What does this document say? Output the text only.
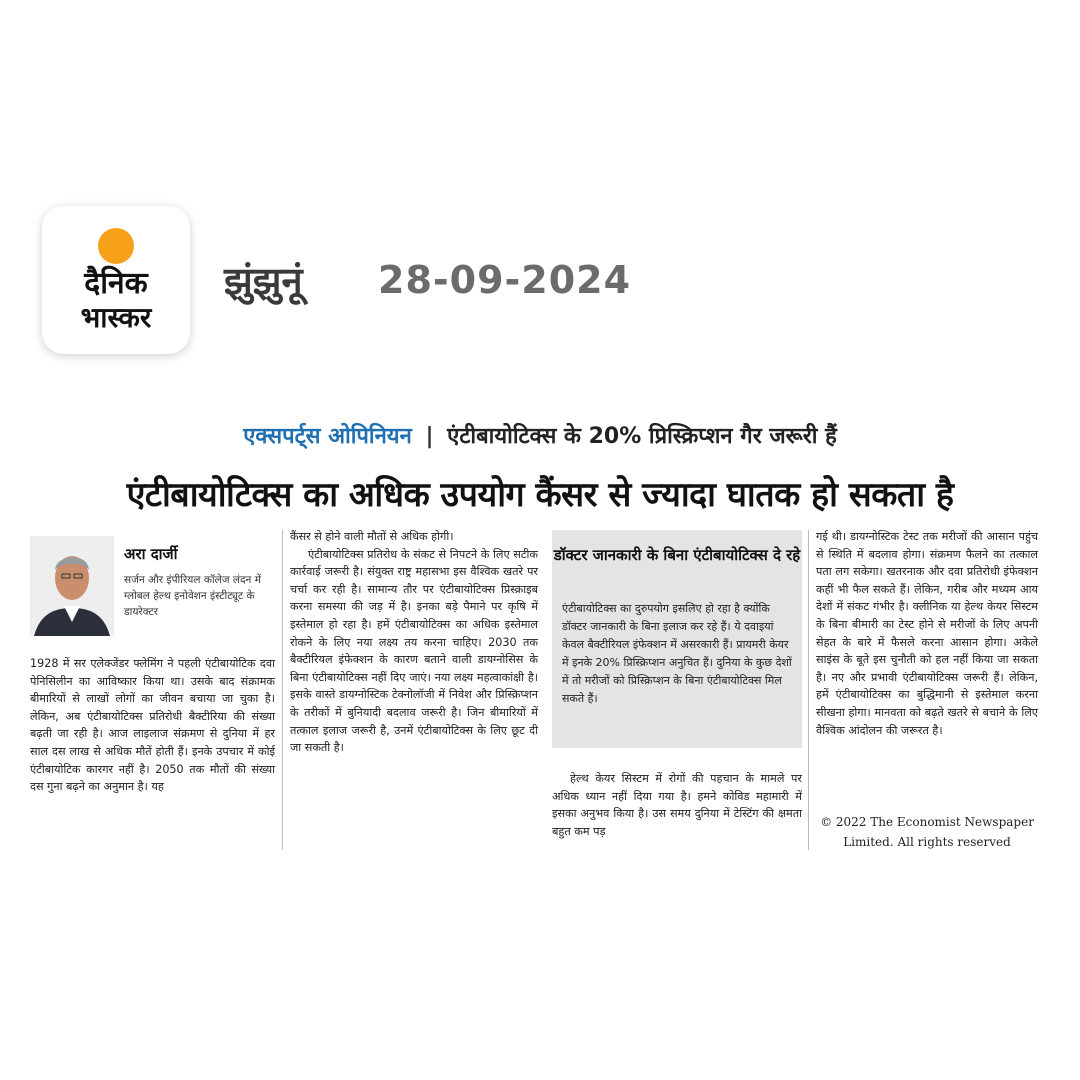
दैनिक
भास्कर
झुंझुनूं 28-09-2024
एक्सपर्ट्स ओपिनियन | एंटीबायोटिक्स के 20% प्रिस्क्रिप्शन गैर जरूरी हैं
एंटीबायोटिक्स का अधिक उपयोग कैंसर से ज्यादा घातक हो सकता है
अरा दार्जी
सर्जन और इंपीरियल कॉलेज लंदन में ग्लोबल हेल्थ इनोवेशन इंस्टीट्यूट के डायरेक्टर

1928 में सर एलेक्जेंडर फ्लेमिंग ने पहली एंटीबायोटिक दवा पेनिसिलीन का आविष्कार किया था। उसके बाद संक्रामक बीमारियों से लाखों लोगों का जीवन बचाया जा चुका है। लेकिन, अब एंटीबायोटिक्स प्रतिरोधी बैक्टीरिया की संख्या बढ़ती जा रही है। आज लाइलाज संक्रमण से दुनिया में हर साल दस लाख से अधिक मौतें होती हैं। इनके उपचार में कोई एंटीबायोटिक कारगर नहीं है। 2050 तक मौतों की संख्या दस गुना बढ़ने का अनुमान है। यह

कैंसर से होने वाली मौतों से अधिक होगी।

एंटीबायोटिक्स प्रतिरोध के संकट से निपटने के लिए सटीक कार्रवाई जरूरी है। संयुक्त राष्ट्र महासभा इस वैश्विक खतरे पर चर्चा कर रही है। सामान्य तौर पर एंटीबायोटिक्स प्रिस्क्राइब करना समस्या की जड़ में है। इनका बड़े पैमाने पर कृषि में इस्तेमाल हो रहा है। हमें एंटीबायोटिक्स का अधिक इस्तेमाल रोकने के लिए नया लक्ष्य तय करना चाहिए। 2030 तक बैक्टीरियल इंफेक्शन के कारण बताने वाली डायग्नोसिस के बिना एंटीबायोटिक्स नहीं दिए जाएं। नया लक्ष्य महत्वाकांक्षी है। इसके वास्ते डायग्नोस्टिक टेक्नोलॉजी में निवेश और प्रिस्क्रिप्शन के तरीकों में बुनियादी बदलाव जरूरी है। जिन बीमारियों में तत्काल इलाज जरूरी है, उनमें एंटीबायोटिक्स के लिए छूट दी जा सकती है।

डॉक्टर जानकारी के बिना एंटीबायोटिक्स दे रहे
एंटीबायोटिक्स का दुरुपयोग इसलिए हो रहा है क्योंकि डॉक्टर जानकारी के बिना इलाज कर रहे हैं। ये दवाइयां केवल बैक्टीरियल इंफेक्शन में असरकारी हैं। प्रायमरी केयर में इनके 20% प्रिस्क्रिप्शन अनुचित हैं। दुनिया के कुछ देशों में तो मरीजों को प्रिस्क्रिप्शन के बिना एंटीबायोटिक्स मिल सकते हैं।

हेल्थ केयर सिस्टम में रोगों की पहचान के मामले पर अधिक ध्यान नहीं दिया गया है। हमने कोविड महामारी में इसका अनुभव किया है। उस समय दुनिया में टेस्टिंग की क्षमता बहुत कम पड़

गई थी। डायग्नोस्टिक टेस्ट तक मरीजों की आसान पहुंच से स्थिति में बदलाव होगा। संक्रमण फैलने का तत्काल पता लग सकेगा। खतरनाक और दवा प्रतिरोधी इंफेक्शन कहीं भी फैल सकते हैं। लेकिन, गरीब और मध्यम आय देशों में संकट गंभीर है। क्लीनिक या हेल्थ केयर सिस्टम के बिना बीमारी का टेस्ट होने से मरीजों के लिए अपनी सेहत के बारे में फैसले करना आसान होगा। अकेले साइंस के बूते इस चुनौती को हल नहीं किया जा सकता है। नए और प्रभावी एंटीबायोटिक्स जरूरी हैं। लेकिन, हमें एंटीबायोटिक्स का बुद्धिमानी से इस्तेमाल करना सीखना होगा। मानवता को बढ़ते खतरे से बचाने के लिए वैश्विक आंदोलन की जरूरत है।

© 2022 The Economist Newspaper Limited. All rights reserved
